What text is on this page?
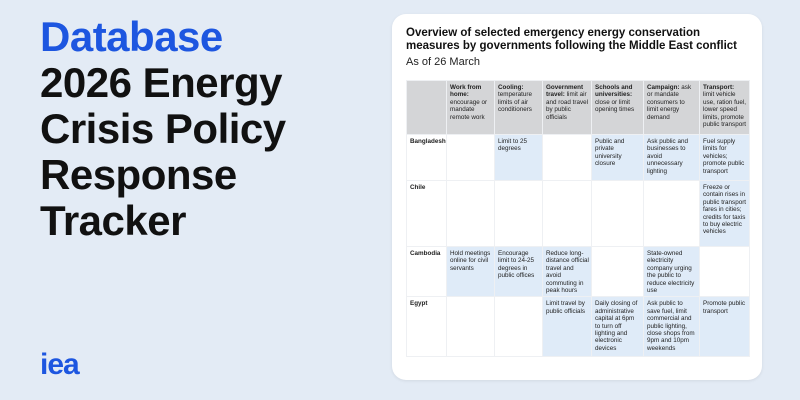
Database
2026 Energy
Crisis Policy
Response
Tracker
iea
Overview of selected emergency energy conservation measures by governments following the Middle East conflict
As of 26 March
	Work from home: encourage or mandate remote work	Cooling: temperature limits of air conditioners	Government travel: limit air and road travel by public officials	Schools and universities: close or limit opening times	Campaign: ask or mandate consumers to limit energy demand	Transport: limit vehicle use, ration fuel, lower speed limits, promote public transport
Bangladesh		Limit to 25 degrees		Public and private university closure	Ask public and businesses to avoid unnecessary lighting	Fuel supply limits for vehicles; promote public transport
Chile						Freeze or contain rises in public transport fares in cities; credits for taxis to buy electric vehicles
Cambodia	Hold meetings online for civil servants	Encourage limit to 24-25 degrees in public offices	Reduce long-distance official travel and avoid commuting in peak hours		State-owned electricity company urging the public to reduce electricity use	
Egypt			Limit travel by public officials	Daily closing of administrative capital at 6pm to turn off lighting and electronic devices	Ask public to save fuel, limit commercial and public lighting, close shops from 9pm and 10pm weekends	Promote public transport
